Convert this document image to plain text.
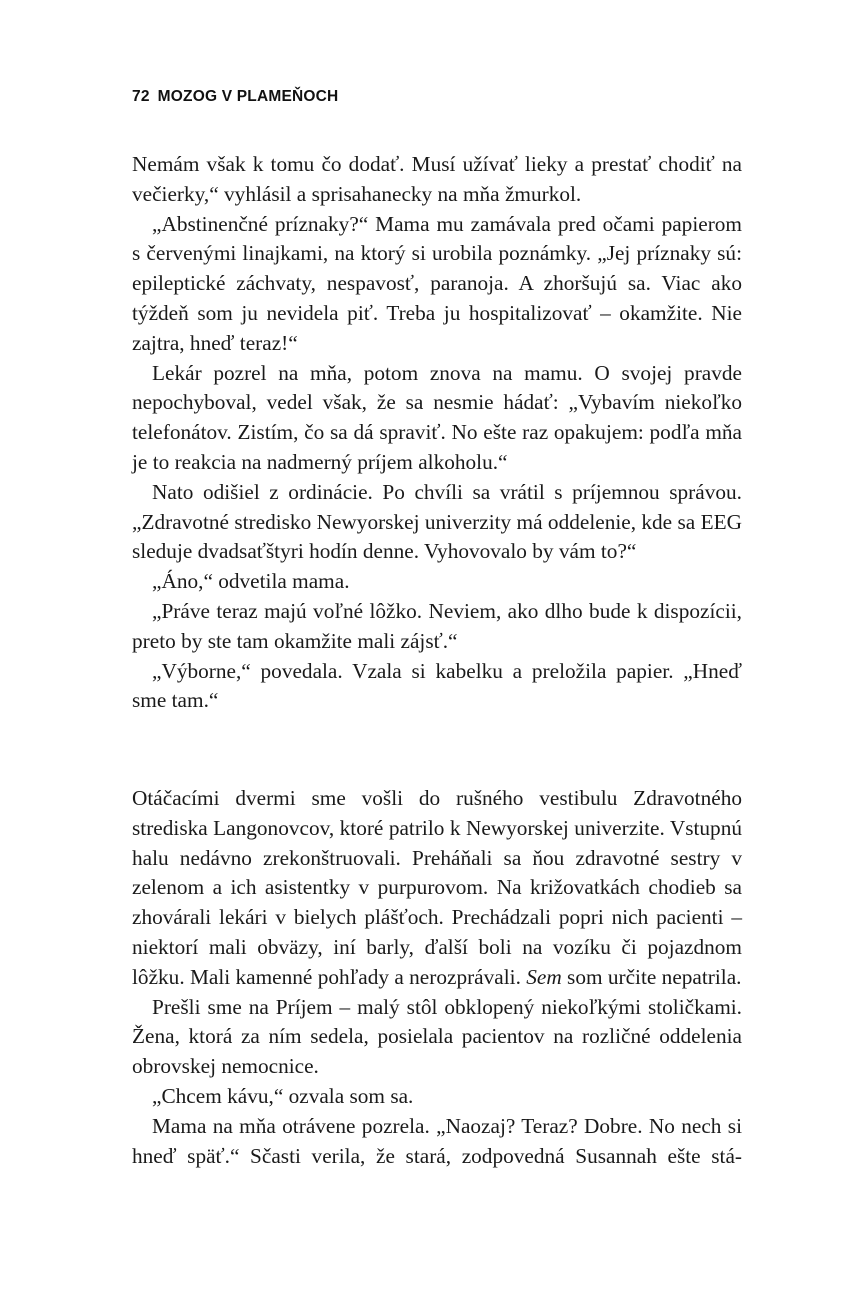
72 MOZOG V PLAMEŇOCH

Nemám však k tomu čo dodať. Musí užívať lieky a prestať chodiť na večierky,“ vyhlásil a sprisahanecky na mňa žmurkol.

„Abstinenčné príznaky?“ Mama mu zamávala pred očami papierom s červenými linajkami, na ktorý si urobila poznámky. „Jej príznaky sú: epileptické záchvaty, nespavosť, paranoja. A zhoršujú sa. Viac ako týždeň som ju nevidela piť. Treba ju hospitalizovať – okamžite. Nie zajtra, hneď teraz!“

Lekár pozrel na mňa, potom znova na mamu. O svojej pravde nepochyboval, vedel však, že sa nesmie hádať: „Vybavím niekoľko telefonátov. Zistím, čo sa dá spraviť. No ešte raz opakujem: podľa mňa je to reakcia na nadmerný príjem alkoholu.“

Nato odišiel z ordinácie. Po chvíli sa vrátil s príjemnou správou. „Zdravotné stredisko Newyorskej univerzity má oddelenie, kde sa EEG sleduje dvadsaťštyri hodín denne. Vyhovovalo by vám to?“

„Áno,“ odvetila mama.

„Práve teraz majú voľné lôžko. Neviem, ako dlho bude k dispozícii, preto by ste tam okamžite mali zájsť.“

„Výborne,“ povedala. Vzala si kabelku a preložila papier. „Hneď sme tam.“

Otáčacími dvermi sme vošli do rušného vestibulu Zdravotného strediska Langonovcov, ktoré patrilo k Newyorskej univerzite. Vstupnú halu nedávno zrekonštruovali. Preháňali sa ňou zdravotné sestry v zelenom a ich asistentky v purpurovom. Na križovatkách chodieb sa zhovárali lekári v bielych plášťoch. Prechádzali popri nich pacienti – niektorí mali obväzy, iní barly, ďalší boli na vozíku či pojazdnom lôžku. Mali kamenné pohľady a nerozprávali. Sem som určite nepatrila.

Prešli sme na Príjem – malý stôl obklopený niekoľkými stoličkami. Žena, ktorá za ním sedela, posielala pacientov na rozličné oddelenia obrovskej nemocnice.

„Chcem kávu,“ ozvala som sa.

Mama na mňa otrávene pozrela. „Naozaj? Teraz? Dobre. No nech si hneď späť.“ Sčasti verila, že stará, zodpovedná Susannah ešte stá-
